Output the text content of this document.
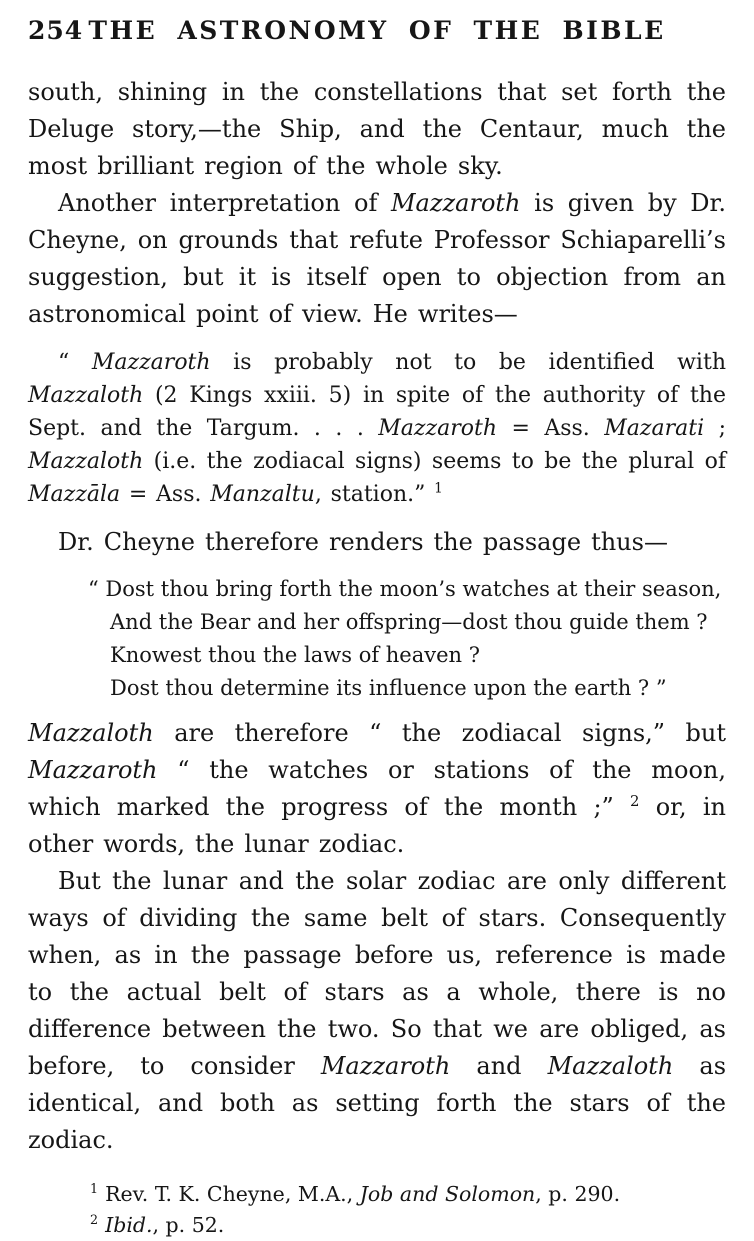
254 THE ASTRONOMY OF THE BIBLE

south, shining in the constellations that set forth the Deluge story,—the Ship, and the Centaur, much the most brilliant region of the whole sky.

Another interpretation of Mazzaroth is given by Dr. Cheyne, on grounds that refute Professor Schiaparelli’s suggestion, but it is itself open to objection from an astronomical point of view. He writes—

“ Mazzaroth is probably not to be identified with Mazzaloth (2 Kings xxiii. 5) in spite of the authority of the Sept. and the Targum. . . . Mazzaroth = Ass. Mazarati ; Mazzaloth (i.e. the zodiacal signs) seems to be the plural of Mazzāla = Ass. Manzaltu, station.” $^1$

Dr. Cheyne therefore renders the passage thus—

“ Dost thou bring forth the moon’s watches at their season,
And the Bear and her offspring—dost thou guide them ?
Knowest thou the laws of heaven ?
Dost thou determine its influence upon the earth ? ”

Mazzaloth are therefore “ the zodiacal signs,” but Mazzaroth “ the watches or stations of the moon, which marked the progress of the month ;” $^2$ or, in other words, the lunar zodiac.

But the lunar and the solar zodiac are only different ways of dividing the same belt of stars. Consequently when, as in the passage before us, reference is made to the actual belt of stars as a whole, there is no difference between the two. So that we are obliged, as before, to consider Mazzaroth and Mazzaloth as identical, and both as setting forth the stars of the zodiac.

$^1$ Rev. T. K. Cheyne, M.A., Job and Solomon, p. 290.
$^2$ Ibid., p. 52.
